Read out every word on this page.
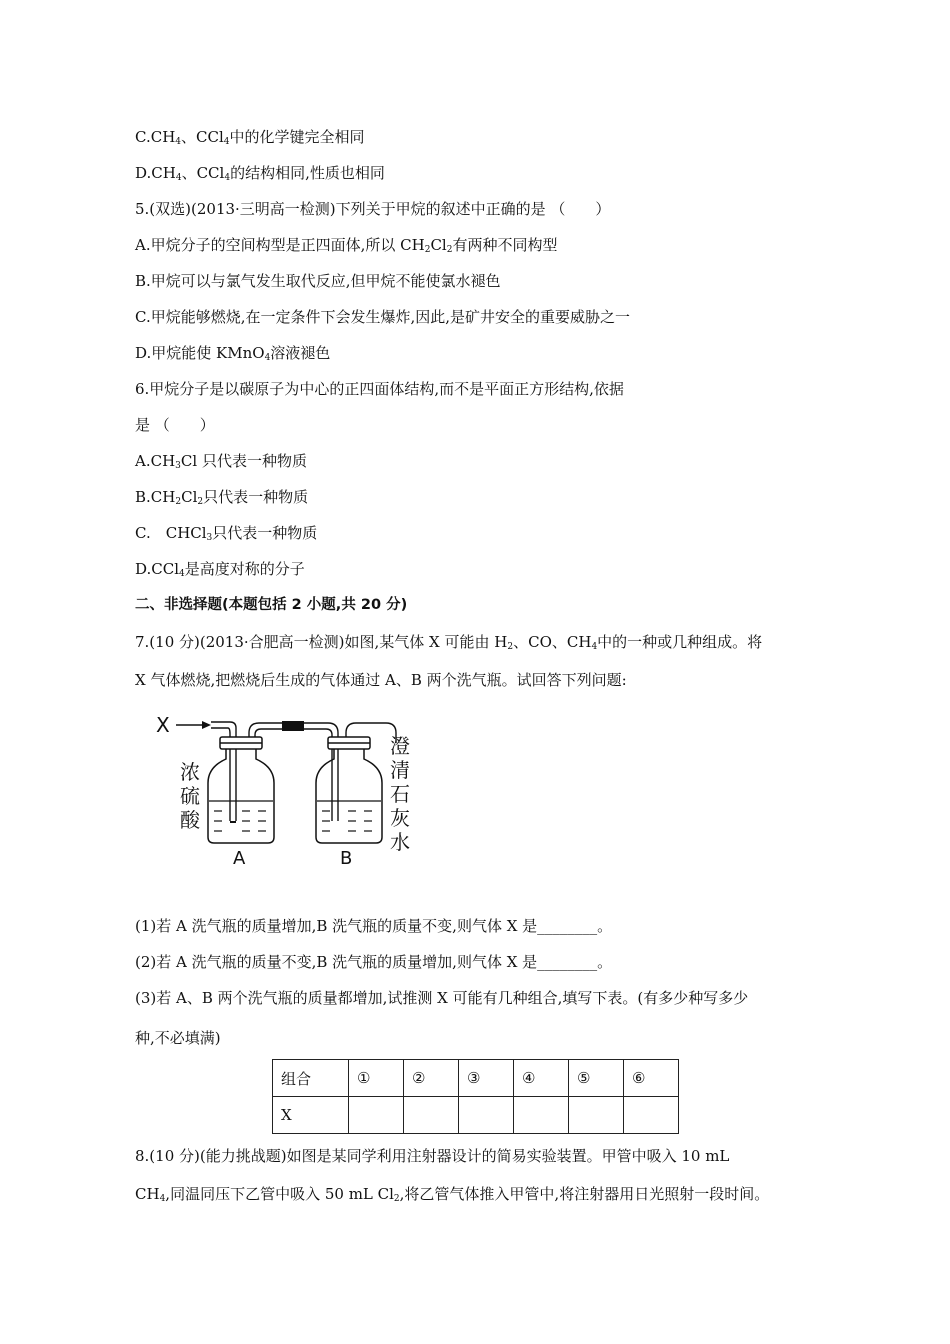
$C.CH_4$、CCl$_4$中的化学键完全相同
$D.CH_4$、CCl$_4$的结构相同,性质也相同
5.(双选)(2013·三明高一检测)下列关于甲烷的叙述中正确的是 （　　）
A.甲烷分子的空间构型是正四面体,所以 $CH_2Cl_2$有两种不同构型
B.甲烷可以与氯气发生取代反应,但甲烷不能使氯水褪色
C.甲烷能够燃烧,在一定条件下会发生爆炸,因此,是矿井安全的重要威胁之一
D.甲烷能使 KMnO$_4$溶液褪色
6.甲烷分子是以碳原子为中心的正四面体结构,而不是平面正方形结构,依据
是 （　　）
$A.CH_3Cl$ 只代表一种物质
$B.CH_2Cl_2$只代表一种物质
C.　CHCl$_3$只代表一种物质
D.CCl$_4$是高度对称的分子
二、非选择题(本题包括 2 小题,共 20 分)
7.(10 分)(2013·合肥高一检测)如图,某气体 X 可能由 $H_2$、CO、$CH_4$中的一种或几种组成。将
X 气体燃烧,把燃烧后生成的气体通过 A、B 两个洗气瓶。试回答下列问题:
X
浓
硫
酸
澄
清
石
灰
水
A	B
(1)若 A 洗气瓶的质量增加,B 洗气瓶的质量不变,则气体 X 是________。
(2)若 A 洗气瓶的质量不变,B 洗气瓶的质量增加,则气体 X 是________。
(3)若 A、B 两个洗气瓶的质量都增加,试推测 X 可能有几种组合,填写下表。(有多少种写多少
种,不必填满)
组合	①	②	③	④	⑤	⑥
X						
8.(10 分)(能力挑战题)如图是某同学利用注射器设计的简易实验装置。甲管中吸入 10 mL
$CH_4$,同温同压下乙管中吸入 50 mL $Cl_2$,将乙管气体推入甲管中,将注射器用日光照射一段时间。
